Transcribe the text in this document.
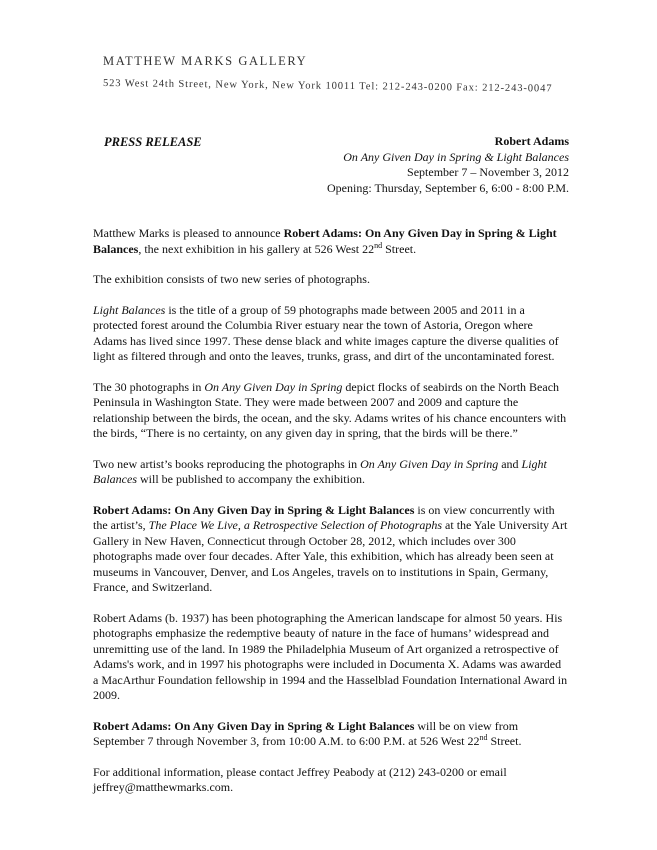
MATTHEW MARKS GALLERY
523 West 24th Street, New York, New York 10011 Tel: 212-243-0200 Fax: 212-243-0047
PRESS RELEASE	Robert Adams
On Any Given Day in Spring & Light Balances
September 7 – November 3, 2012
Opening: Thursday, September 6, 6:00 - 8:00 P.M.

Matthew Marks is pleased to announce Robert Adams: On Any Given Day in Spring & Light Balances, the next exhibition in his gallery at 526 West 22nd Street.

The exhibition consists of two new series of photographs.

Light Balances is the title of a group of 59 photographs made between 2005 and 2011 in a protected forest around the Columbia River estuary near the town of Astoria, Oregon where Adams has lived since 1997. These dense black and white images capture the diverse qualities of light as filtered through and onto the leaves, trunks, grass, and dirt of the uncontaminated forest.

The 30 photographs in On Any Given Day in Spring depict flocks of seabirds on the North Beach Peninsula in Washington State. They were made between 2007 and 2009 and capture the relationship between the birds, the ocean, and the sky. Adams writes of his chance encounters with the birds, “There is no certainty, on any given day in spring, that the birds will be there.”

Two new artist’s books reproducing the photographs in On Any Given Day in Spring and Light Balances will be published to accompany the exhibition.

Robert Adams: On Any Given Day in Spring & Light Balances is on view concurrently with the artist’s, The Place We Live, a Retrospective Selection of Photographs at the Yale University Art Gallery in New Haven, Connecticut through October 28, 2012, which includes over 300 photographs made over four decades. After Yale, this exhibition, which has already been seen at museums in Vancouver, Denver, and Los Angeles, travels on to institutions in Spain, Germany, France, and Switzerland.

Robert Adams (b. 1937) has been photographing the American landscape for almost 50 years. His photographs emphasize the redemptive beauty of nature in the face of humans’ widespread and unremitting use of the land. In 1989 the Philadelphia Museum of Art organized a retrospective of Adams's work, and in 1997 his photographs were included in Documenta X. Adams was awarded a MacArthur Foundation fellowship in 1994 and the Hasselblad Foundation International Award in 2009.

Robert Adams: On Any Given Day in Spring & Light Balances will be on view from September 7 through November 3, from 10:00 A.M. to 6:00 P.M. at 526 West 22nd Street.

For additional information, please contact Jeffrey Peabody at (212) 243-0200 or email jeffrey@matthewmarks.com.
